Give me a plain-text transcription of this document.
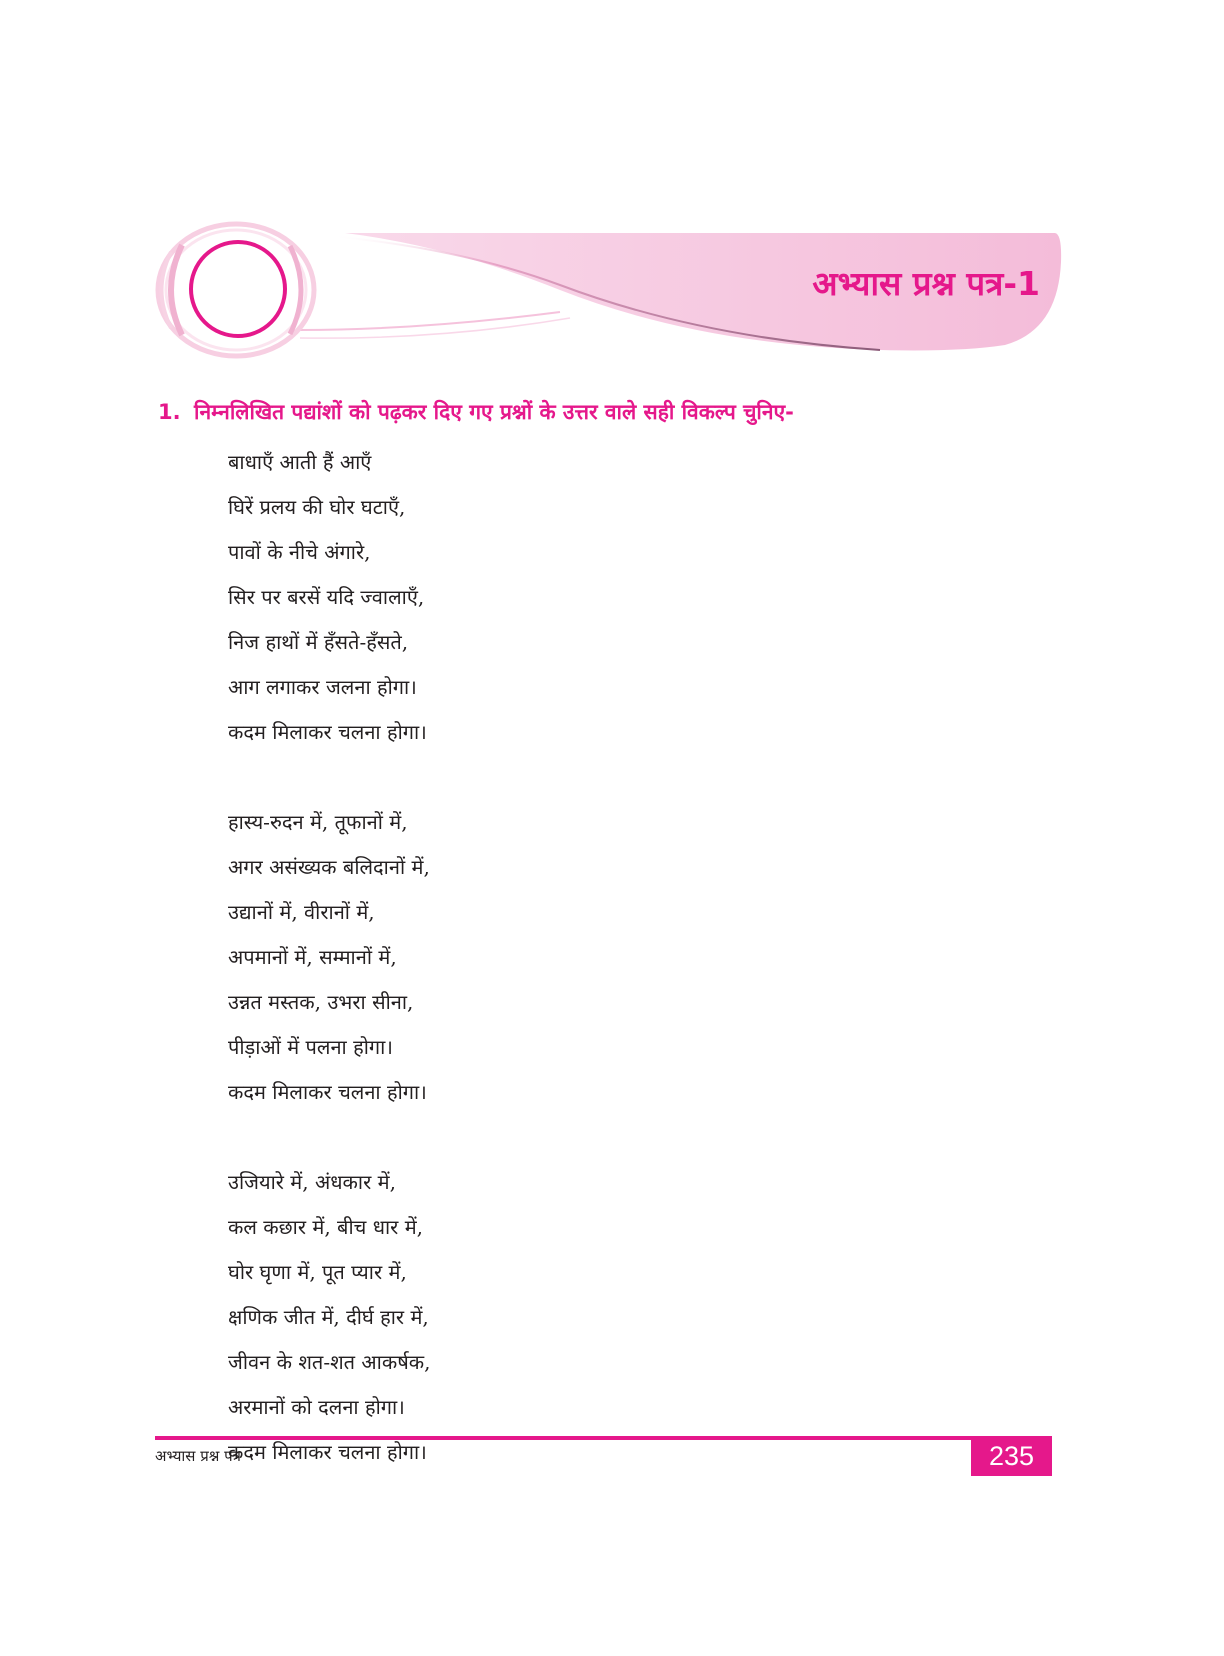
अभ्यास प्रश्न पत्र-1
1. निम्नलिखित पद्यांशों को पढ़कर दिए गए प्रश्नों के उत्तर वाले सही विकल्प चुनिए-
बाधाएँ आती हैं आएँ
घिरें प्रलय की घोर घटाएँ,
पावों के नीचे अंगारे,
सिर पर बरसें यदि ज्वालाएँ,
निज हाथों में हँसते-हँसते,
आग लगाकर जलना होगा।
कदम मिलाकर चलना होगा।
हास्य-रुदन में, तूफानों में,
अगर असंख्यक बलिदानों में,
उद्यानों में, वीरानों में,
अपमानों में, सम्मानों में,
उन्नत मस्तक, उभरा सीना,
पीड़ाओं में पलना होगा।
कदम मिलाकर चलना होगा।
उजियारे में, अंधकार में,
कल कछार में, बीच धार में,
घोर घृणा में, पूत प्यार में,
क्षणिक जीत में, दीर्घ हार में,
जीवन के शत-शत आकर्षक,
अरमानों को दलना होगा।
कदम मिलाकर चलना होगा।
अभ्यास प्रश्न पत्र	235
